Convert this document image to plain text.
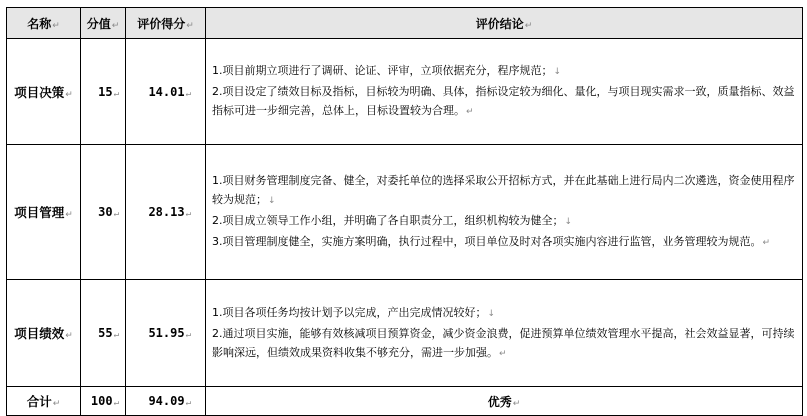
名称↵	分值↵	评价得分↵	评价结论↵
项目决策↵	15↵	14.01↵	1.项目前期立项进行了调研、论证、评审，立项依据充分，程序规范；↓

2.项目设定了绩效目标及指标，目标较为明确、具体，指标设定较为细化、量化，与项目现实需求一致，质量指标、效益指标可进一步细完善，总体上，目标设置较为合理。↵

项目管理↵	30↵	28.13↵	1.项目财务管理制度完备、健全，对委托单位的选择采取公开招标方式，并在此基础上进行局内二次遴选，资金使用程序较为规范；↓

2.项目成立领导工作小组，并明确了各自职责分工，组织机构较为健全；↓

3.项目管理制度健全，实施方案明确，执行过程中，项目单位及时对各项实施内容进行监管，业务管理较为规范。↵

项目绩效↵	55↵	51.95↵	1.项目各项任务均按计划予以完成，产出完成情况较好；↓

2.通过项目实施，能够有效核减项目预算资金，减少资金浪费，促进预算单位绩效管理水平提高，社会效益显著，可持续影响深远，但绩效成果资料收集不够充分，需进一步加强。↵

合计↵	100↵	94.09↵	优秀↵
